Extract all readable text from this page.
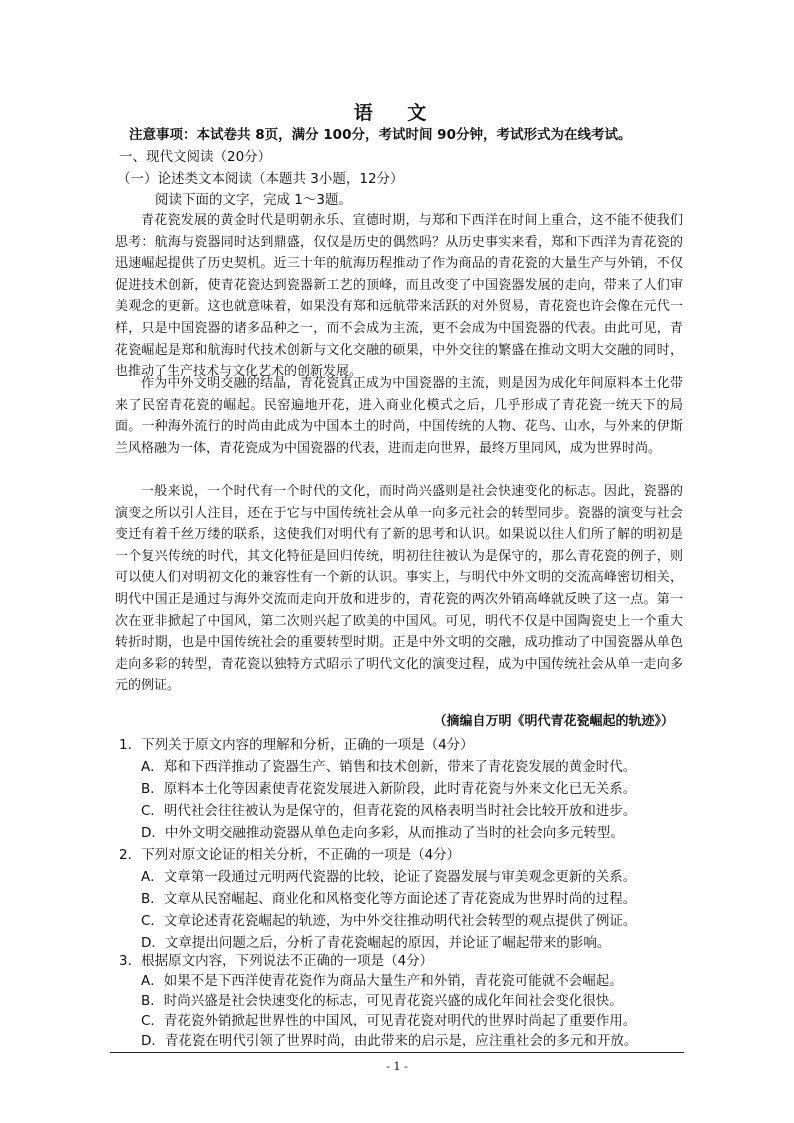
语 文
注意事项：本试卷共 8页，满分 100分，考试时间 90分钟，考试形式为在线考试。
一、现代文阅读（20分）
（一）论述类文本阅读（本题共 3小题，12分）
阅读下面的文字，完成 1～3题。
青花瓷发展的黄金时代是明朝永乐、宣德时期，与郑和下西洋在时间上重合，这不能不使我们思考：航海与瓷器同时达到鼎盛，仅仅是历史的偶然吗？从历史事实来看，郑和下西洋为青花瓷的迅速崛起提供了历史契机。近三十年的航海历程推动了作为商品的青花瓷的大量生产与外销，不仅促进技术创新，使青花瓷达到瓷器新工艺的顶峰，而且改变了中国瓷器发展的走向，带来了人们审美观念的更新。这也就意味着，如果没有郑和远航带来活跃的对外贸易，青花瓷也许会像在元代一样，只是中国瓷器的诸多品种之一，而不会成为主流，更不会成为中国瓷器的代表。由此可见，青花瓷崛起是郑和航海时代技术创新与文化交融的硕果，中外交往的繁盛在推动文明大交融的同时，也推动了生产技术与文化艺术的创新发展。
作为中外文明交融的结晶，青花瓷真正成为中国瓷器的主流，则是因为成化年间原料本土化带来了民窑青花瓷的崛起。民窑遍地开花，进入商业化模式之后，几乎形成了青花瓷一统天下的局面。一种海外流行的时尚由此成为中国本土的时尚，中国传统的人物、花鸟、山水，与外来的伊斯兰风格融为一体，青花瓷成为中国瓷器的代表，进而走向世界，最终万里同风，成为世界时尚。
一般来说，一个时代有一个时代的文化，而时尚兴盛则是社会快速变化的标志。因此，瓷器的演变之所以引人注目，还在于它与中国传统社会从单一向多元社会的转型同步。瓷器的演变与社会变迁有着千丝万缕的联系，这使我们对明代有了新的思考和认识。如果说以往人们所了解的明初是一个复兴传统的时代，其文化特征是回归传统，明初往往被认为是保守的，那么青花瓷的例子，则可以使人们对明初文化的兼容性有一个新的认识。事实上，与明代中外文明的交流高峰密切相关，明代中国正是通过与海外交流而走向开放和进步的，青花瓷的两次外销高峰就反映了这一点。第一次在亚非掀起了中国风，第二次则兴起了欧美的中国风。可见，明代不仅是中国陶瓷史上一个重大转折时期，也是中国传统社会的重要转型时期。正是中外文明的交融，成功推动了中国瓷器从单色走向多彩的转型，青花瓷以独特方式昭示了明代文化的演变过程，成为中国传统社会从单一走向多元的例证。
（摘编自万明《明代青花瓷崛起的轨迹》）
1．下列关于原文内容的理解和分析，正确的一项是（4分）
A．郑和下西洋推动了瓷器生产、销售和技术创新，带来了青花瓷发展的黄金时代。
B．原料本土化等因素使青花瓷发展进入新阶段，此时青花瓷与外来文化已无关系。
C．明代社会往往被认为是保守的，但青花瓷的风格表明当时社会比较开放和进步。
D．中外文明交融推动瓷器从单色走向多彩，从而推动了当时的社会向多元转型。
2．下列对原文论证的相关分析，不正确的一项是（4分）
A．文章第一段通过元明两代瓷器的比较，论证了瓷器发展与审美观念更新的关系。
B．文章从民窑崛起、商业化和风格变化等方面论述了青花瓷成为世界时尚的过程。
C．文章论述青花瓷崛起的轨迹，为中外交往推动明代社会转型的观点提供了例证。
D．文章提出问题之后，分析了青花瓷崛起的原因，并论证了崛起带来的影响。
3．根据原文内容，下列说法不正确的一项是（4分）
A．如果不是下西洋使青花瓷作为商品大量生产和外销，青花瓷可能就不会崛起。
B．时尚兴盛是社会快速变化的标志，可见青花瓷兴盛的成化年间社会变化很快。
- 1 -
C．青花瓷外销掀起世界性的中国风，可见青花瓷对明代的世界时尚起了重要作用。
D．青花瓷在明代引领了世界时尚，由此带来的启示是，应注重社会的多元和开放。
